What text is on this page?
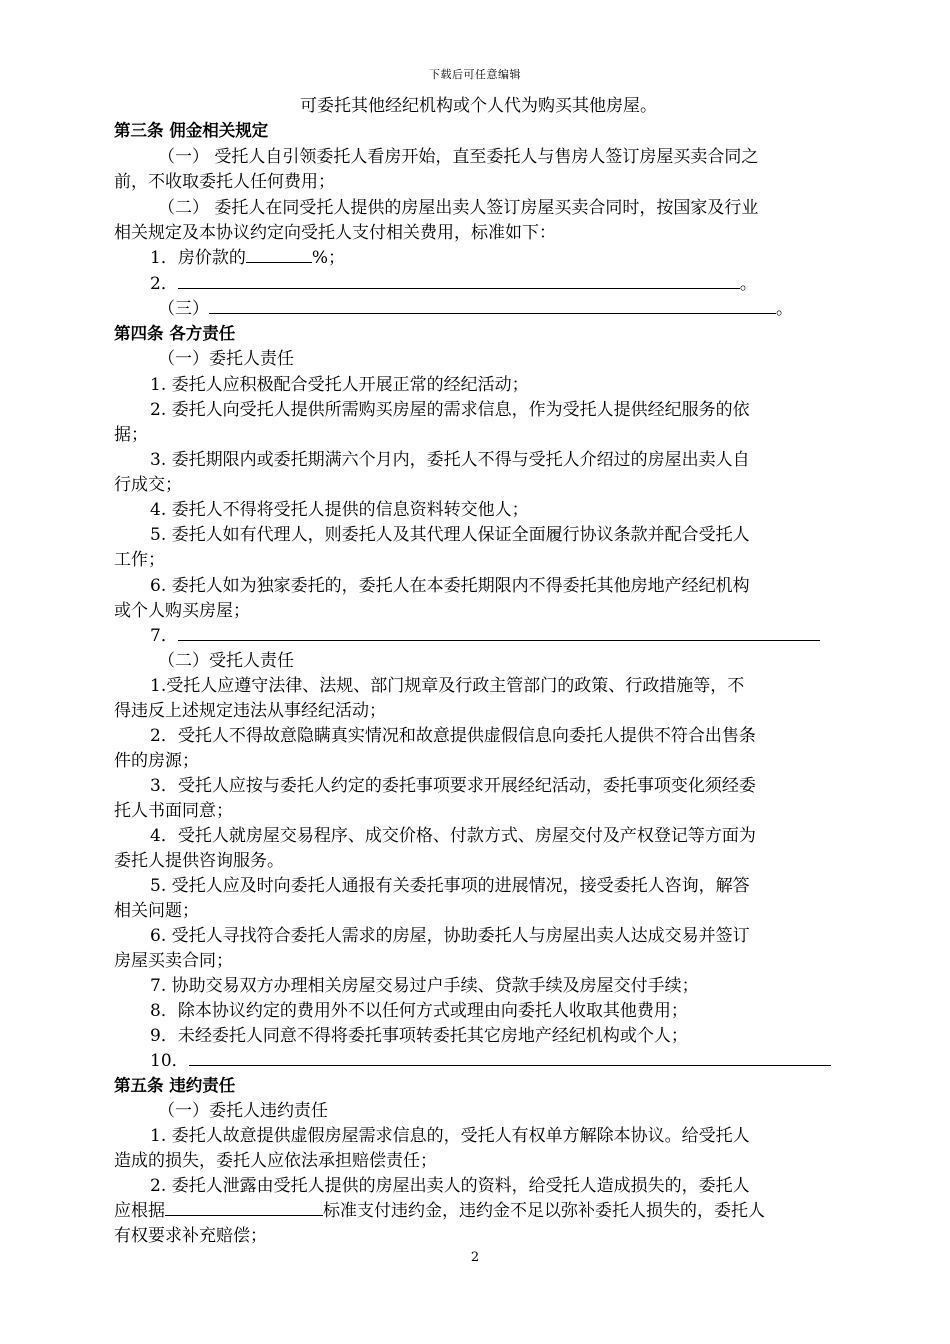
下载后可任意编辑
可委托其他经纪机构或个人代为购买其他房屋。
第三条 佣金相关规定
（一） 受托人自引领委托人看房开始，直至委托人与售房人签订房屋买卖合同之
前，不收取委托人任何费用；
（二） 委托人在同受托人提供的房屋出卖人签订房屋买卖合同时，按国家及行业
相关规定及本协议约定向受托人支付相关费用，标准如下：
1．房价款的	%；
2．	。
（三）	。
第四条 各方责任
（一）委托人责任
1. 委托人应积极配合受托人开展正常的经纪活动；
2. 委托人向受托人提供所需购买房屋的需求信息，作为受托人提供经纪服务的依
据；
3. 委托期限内或委托期满六个月内，委托人不得与受托人介绍过的房屋出卖人自
行成交；
4. 委托人不得将受托人提供的信息资料转交他人；
5. 委托人如有代理人，则委托人及其代理人保证全面履行协议条款并配合受托人
工作；
6. 委托人如为独家委托的，委托人在本委托期限内不得委托其他房地产经纪机构
或个人购买房屋；
7．
（二）受托人责任
1.受托人应遵守法律、法规、部门规章及行政主管部门的政策、行政措施等，不
得违反上述规定违法从事经纪活动；
2．受托人不得故意隐瞒真实情况和故意提供虚假信息向委托人提供不符合出售条
件的房源；
3．受托人应按与委托人约定的委托事项要求开展经纪活动，委托事项变化须经委
托人书面同意；
4．受托人就房屋交易程序、成交价格、付款方式、房屋交付及产权登记等方面为
委托人提供咨询服务。
5. 受托人应及时向委托人通报有关委托事项的进展情况，接受委托人咨询，解答
相关问题；
6. 受托人寻找符合委托人需求的房屋，协助委托人与房屋出卖人达成交易并签订
房屋买卖合同；
7. 协助交易双方办理相关房屋交易过户手续、贷款手续及房屋交付手续；
8．除本协议约定的费用外不以任何方式或理由向委托人收取其他费用；
9．未经委托人同意不得将委托事项转委托其它房地产经纪机构或个人；
10．
第五条 违约责任
（一）委托人违约责任
1. 委托人故意提供虚假房屋需求信息的，受托人有权单方解除本协议。给受托人
造成的损失，委托人应依法承担赔偿责任；
2. 委托人泄露由受托人提供的房屋出卖人的资料，给受托人造成损失的，委托人
应根据	标准支付违约金，违约金不足以弥补委托人损失的，委托人
有权要求补充赔偿；
2
